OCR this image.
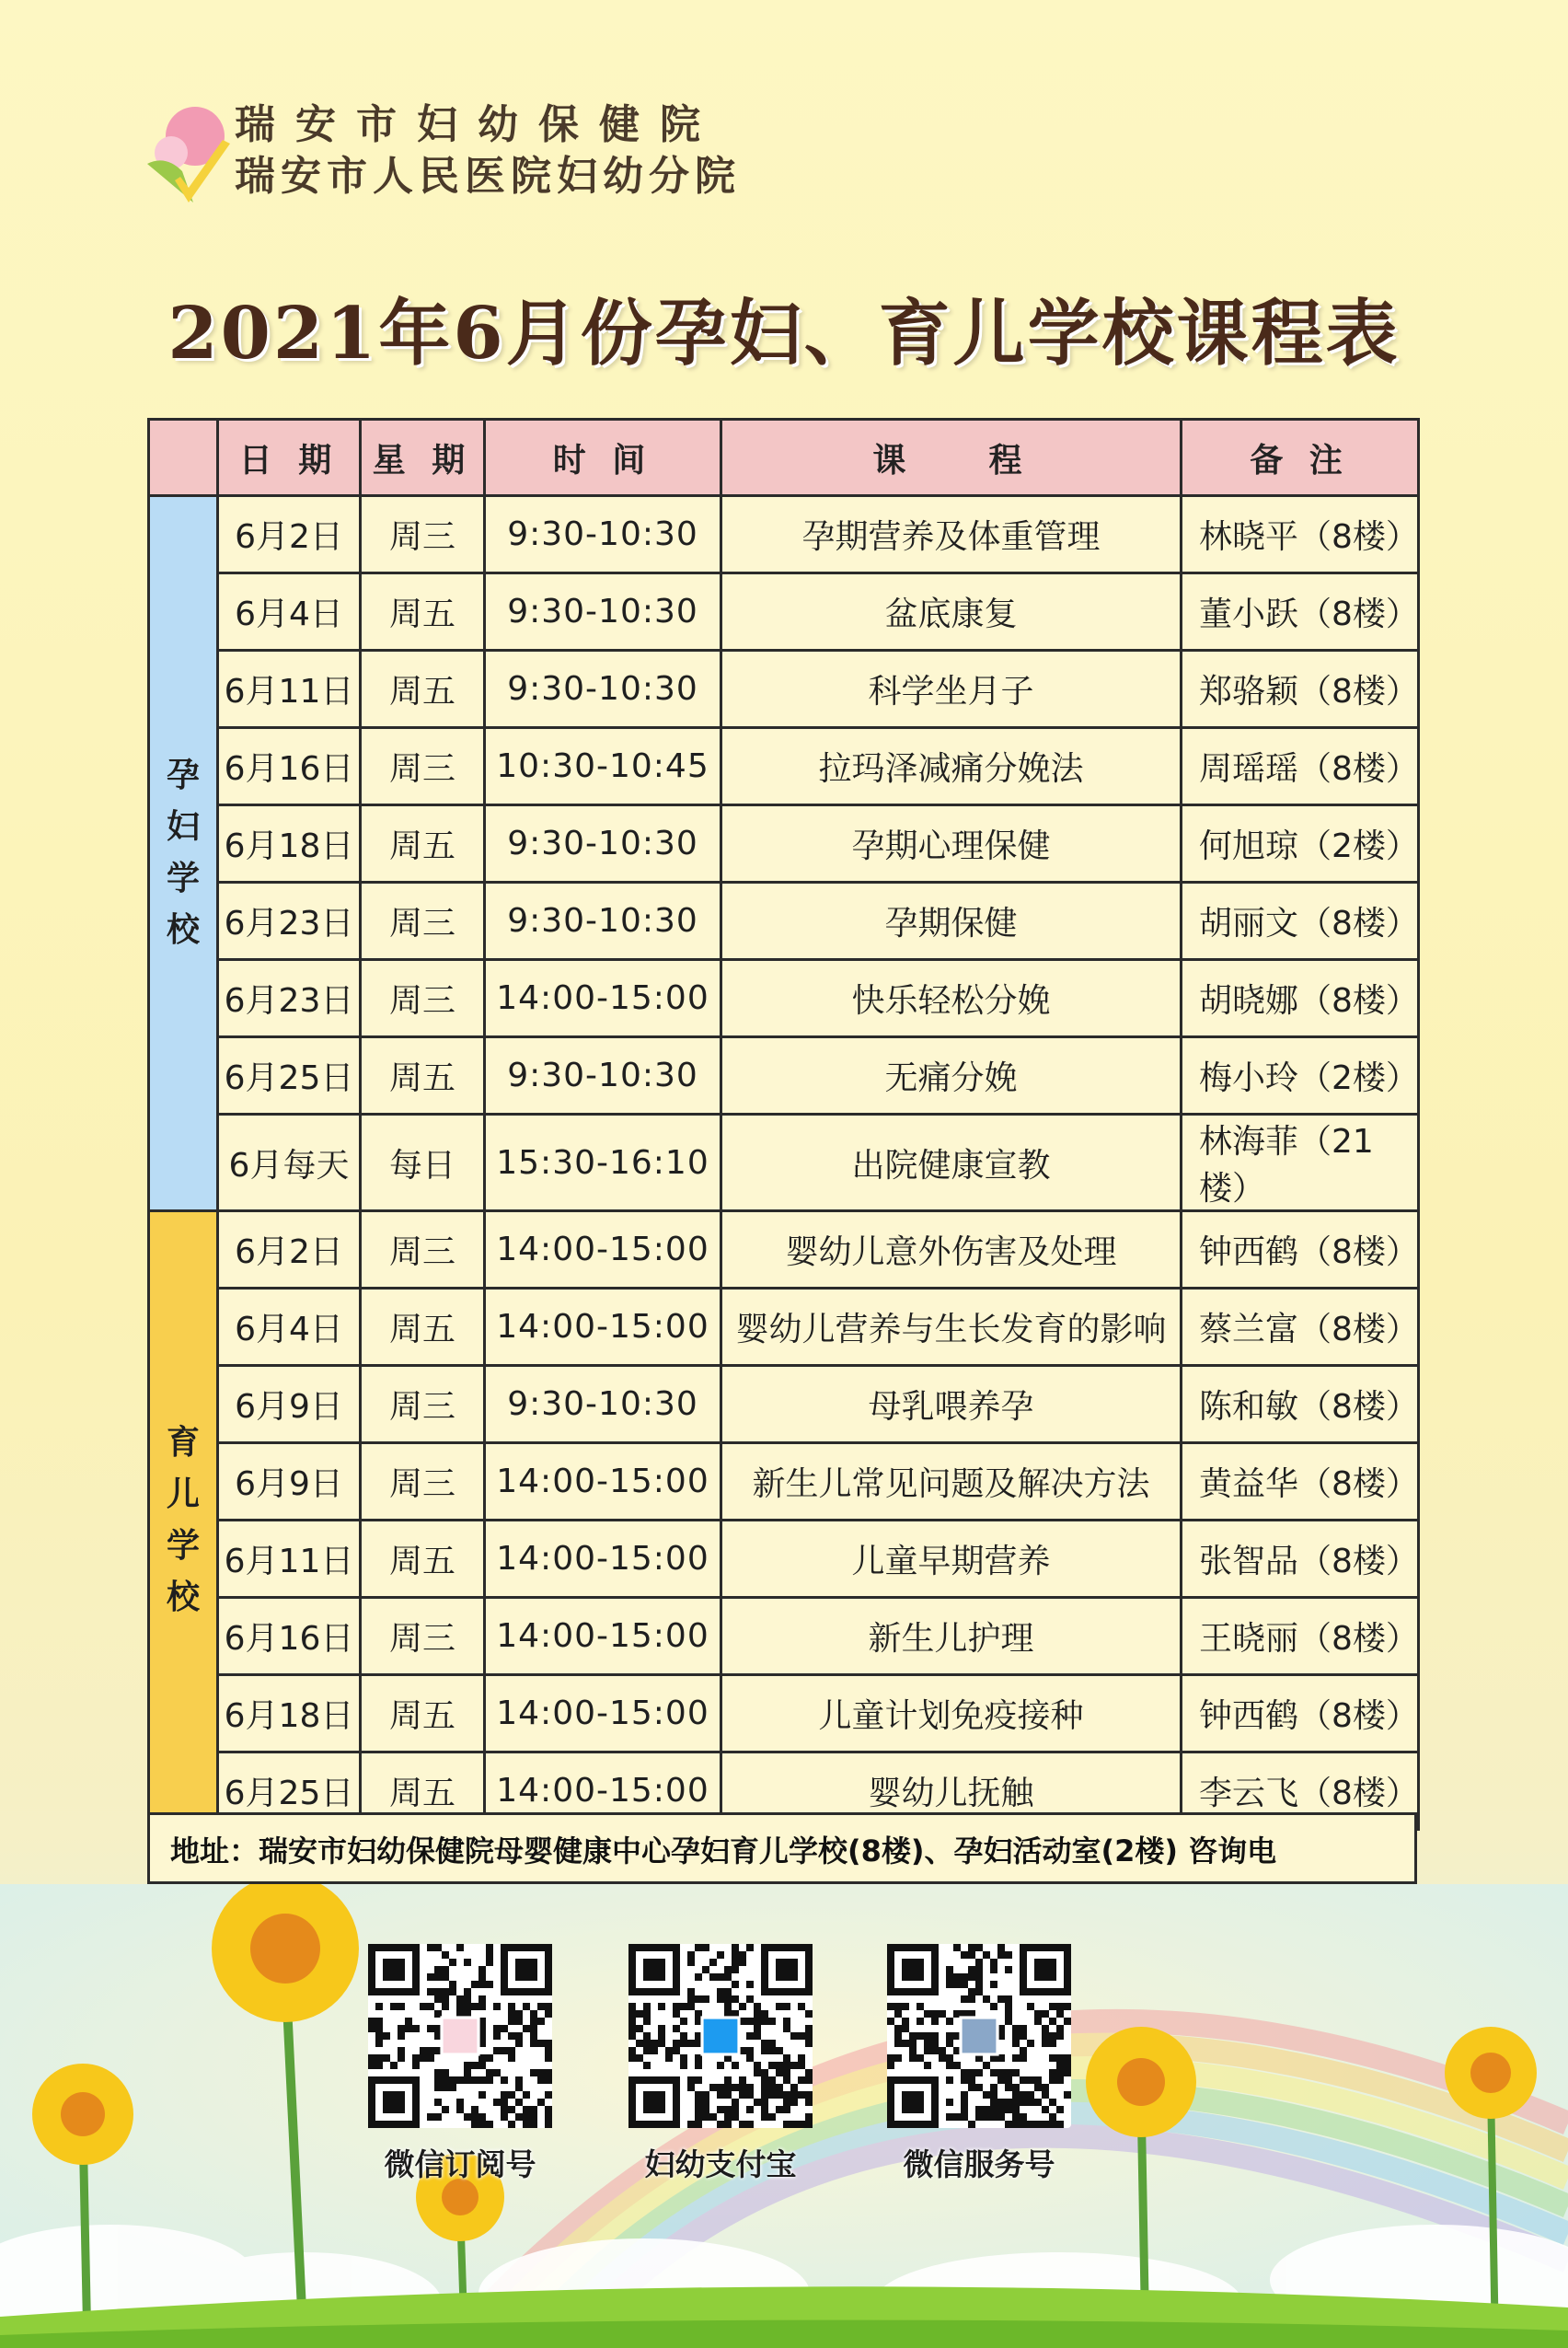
瑞安市妇幼保健院
瑞安市人民医院妇幼分院
2021年6月份孕妇、育儿学校课程表
	日 期	星 期	时 间	课    程	备 注

孕
妇
学
校	6月2日	周三	9:30-10:30	孕期营养及体重管理	林晓平（8楼）
	6月4日	周五	9:30-10:30	盆底康复	董小跃（8楼）
	6月11日	周五	9:30-10:30	科学坐月子	郑骆颖（8楼）
	6月16日	周三	10:30-10:45	拉玛泽减痛分娩法	周瑶瑶（8楼）
	6月18日	周五	9:30-10:30	孕期心理保健	何旭琼（2楼）
	6月23日	周三	9:30-10:30	孕期保健	胡丽文（8楼）
	6月23日	周三	14:00-15:00	快乐轻松分娩	胡晓娜（8楼）
	6月25日	周五	9:30-10:30	无痛分娩	梅小玲（2楼）
	6月每天	每日	15:30-16:10	出院健康宣教	林海菲（21楼）

育
儿
学
校	6月2日	周三	14:00-15:00	婴幼儿意外伤害及处理	钟西鹤（8楼）
	6月4日	周五	14:00-15:00	婴幼儿营养与生长发育的影响	蔡兰富（8楼）
	6月9日	周三	9:30-10:30	母乳喂养孕	陈和敏（8楼）
	6月9日	周三	14:00-15:00	新生儿常见问题及解决方法	黄益华（8楼）
	6月11日	周五	14:00-15:00	儿童早期营养	张智品（8楼）
	6月16日	周三	14:00-15:00	新生儿护理	王晓丽（8楼）
	6月18日	周五	14:00-15:00	儿童计划免疫接种	钟西鹤（8楼）
	6月25日	周五	14:00-15:00	婴幼儿抚触	李云飞（8楼）
地址：瑞安市妇幼保健院母婴健康中心孕妇育儿学校(8楼)、孕妇活动室(2楼) 咨询电
微信订阅号	妇幼支付宝	微信服务号
